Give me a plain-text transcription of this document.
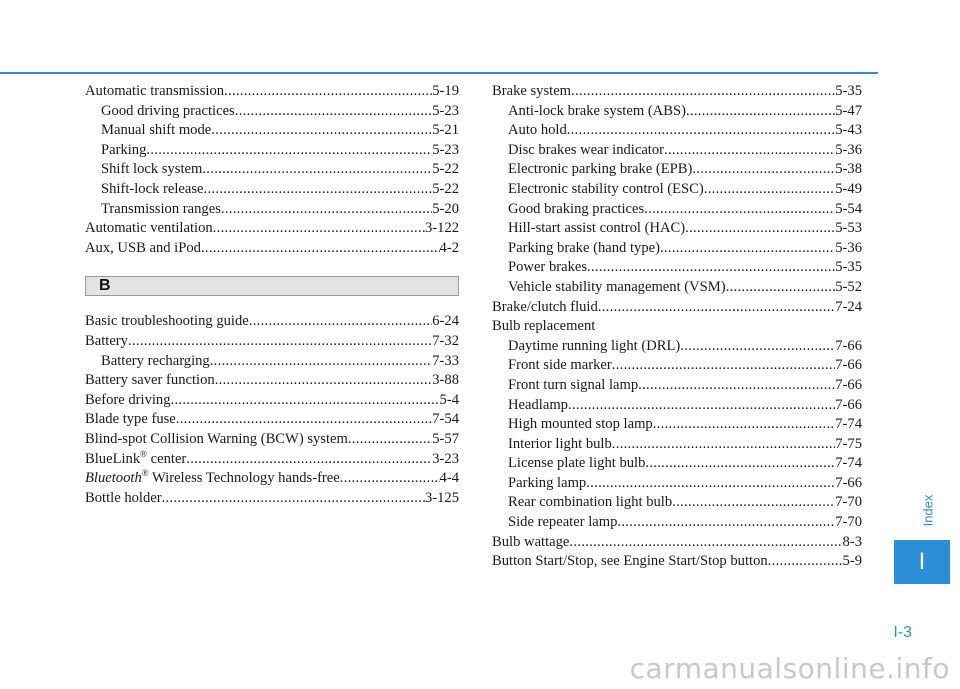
Automatic transmission .....	5-19
Good driving practices .....	5-23
Manual shift mode .....	5-21
Parking .....	5-23
Shift lock system .....	5-22
Shift-lock release .....	5-22
Transmission ranges .....	5-20
Automatic ventilation .....	3-122
Aux, USB and iPod .....	4-2
B
Basic troubleshooting guide .....	6-24
Battery .....	7-32
Battery recharging .....	7-33
Battery saver function .....	3-88
Before driving .....	5-4
Blade type fuse .....	7-54
Blind-spot Collision Warning (BCW) system .....	5-57
BlueLink® center .....	3-23
Bluetooth® Wireless Technology hands-free .....	4-4
Bottle holder .....	3-125
Brake system .....	5-35
Anti-lock brake system (ABS) .....	5-47
Auto hold .....	5-43
Disc brakes wear indicator .....	5-36
Electronic parking brake (EPB) .....	5-38
Electronic stability control (ESC) .....	5-49
Good braking practices .....	5-54
Hill-start assist control (HAC) .....	5-53
Parking brake (hand type) .....	5-36
Power brakes .....	5-35
Vehicle stability management (VSM) .....	5-52
Brake/clutch fluid .....	7-24
Bulb replacement
Daytime running light (DRL) .....	7-66
Front side marker .....	7-66
Front turn signal lamp .....	7-66
Headlamp .....	7-66
High mounted stop lamp .....	7-74
Interior light bulb .....	7-75
License plate light bulb .....	7-74
Parking lamp .....	7-66
Rear combination light bulb .....	7-70
Side repeater lamp .....	7-70
Bulb wattage .....	8-3
Button Start/Stop, see Engine Start/Stop button .....	5-9
Index
I
I-3
carmanualsonline.info
